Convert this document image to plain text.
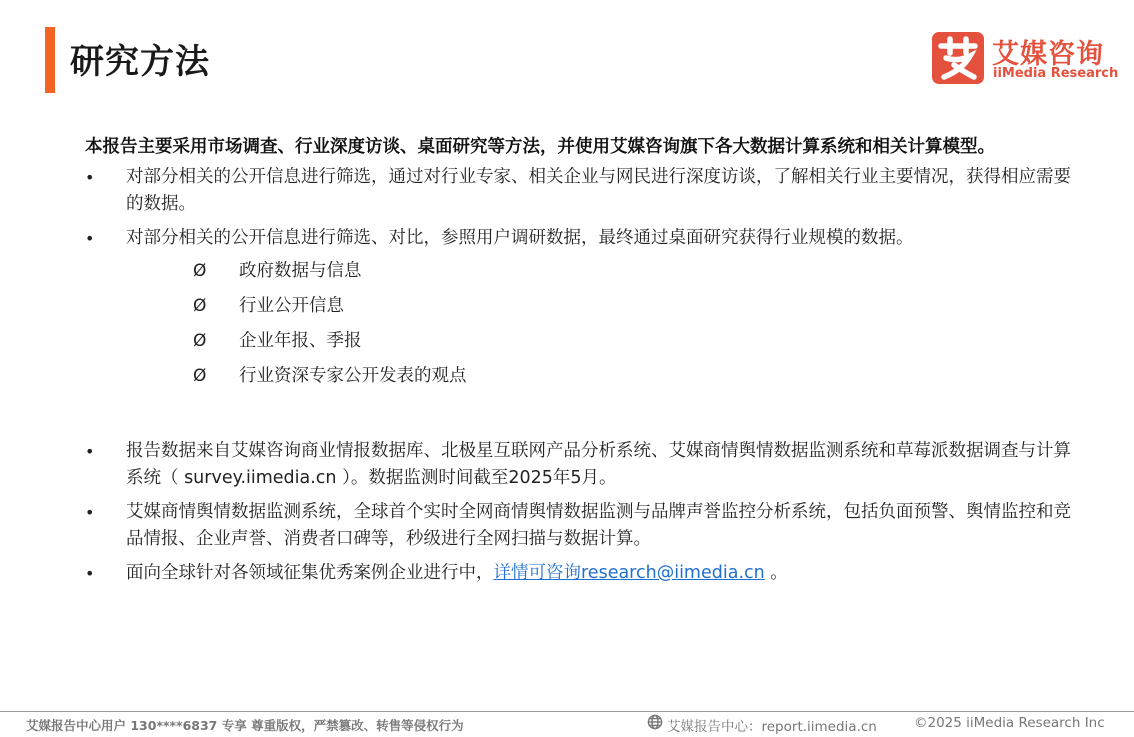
研究方法	艾媒咨询
iiMedia Research

本报告主要采用市场调查、行业深度访谈、桌面研究等方法，并使用艾媒咨询旗下各大数据计算系统和相关计算模型。

•	对部分相关的公开信息进行筛选，通过对行业专家、相关企业与网民进行深度访谈，了解相关行业主要情况，获得相应需要的数据。
•	对部分相关的公开信息进行筛选、对比，参照用户调研数据，最终通过桌面研究获得行业规模的数据。
Ø 政府数据与信息
Ø 行业公开信息
Ø 企业年报、季报
Ø 行业资深专家公开发表的观点
•	报告数据来自艾媒咨询商业情报数据库、北极星互联网产品分析系统、艾媒商情舆情数据监测系统和草莓派数据调查与计算系统（ survey.iimedia.cn ）。数据监测时间截至2025年5月。
•	艾媒商情舆情数据监测系统，全球首个实时全网商情舆情数据监测与品牌声誉监控分析系统，包括负面预警、舆情监控和竞品情报、企业声誉、消费者口碑等，秒级进行全网扫描与数据计算。
•	面向全球针对各领域征集优秀案例企业进行中，详情可咨询research@iimedia.cn 。
艾媒报告中心用户 130****6837 专享 尊重版权，严禁篡改、转售等侵权行为	艾媒报告中心：report.iimedia.cn	©2025 iiMedia Research Inc
